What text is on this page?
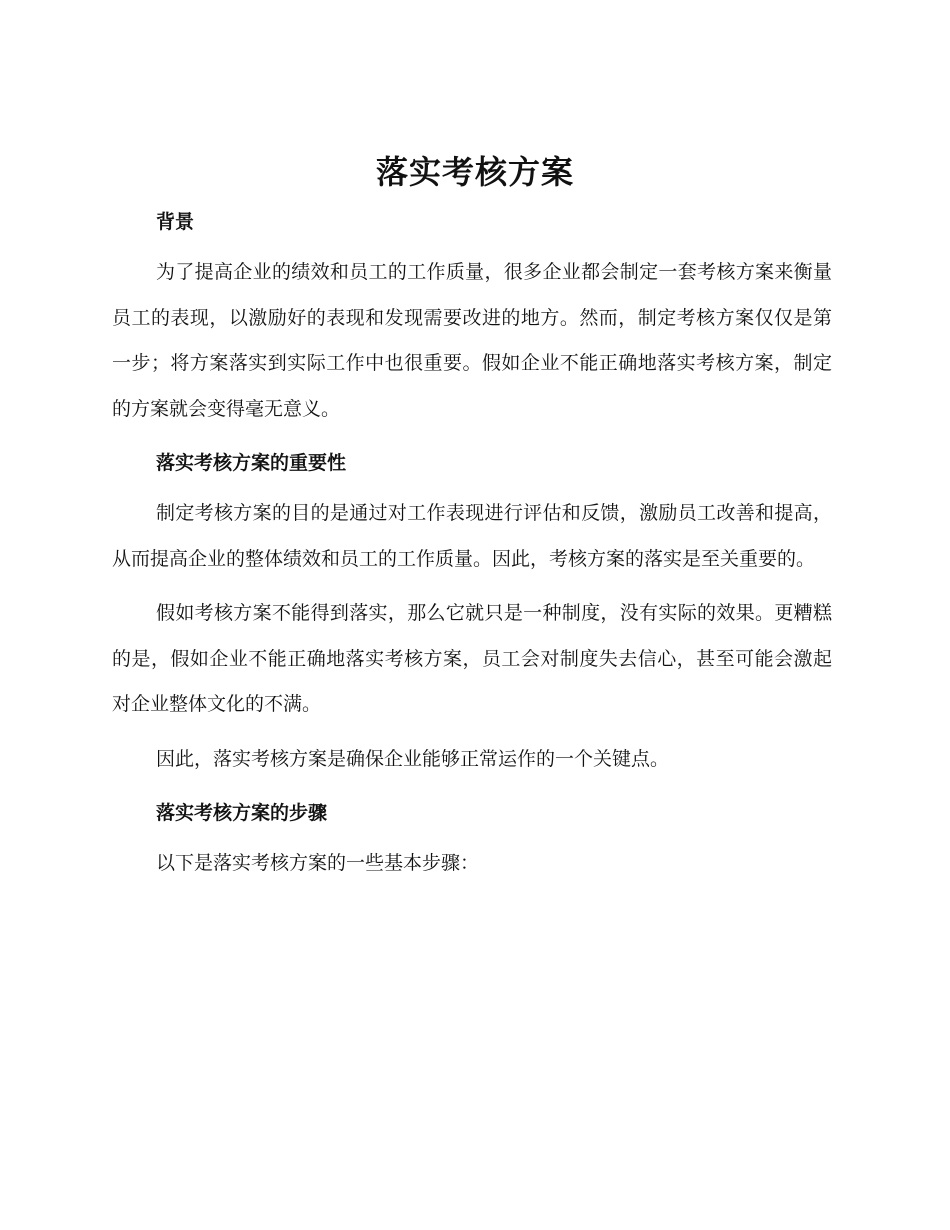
落实考核方案
背景

为了提高企业的绩效和员工的工作质量，很多企业都会制定一套考核方案来衡量员工的表现，以激励好的表现和发现需要改进的地方。然而，制定考核方案仅仅是第一步；将方案落实到实际工作中也很重要。假如企业不能正确地落实考核方案，制定的方案就会变得毫无意义。

落实考核方案的重要性

制定考核方案的目的是通过对工作表现进行评估和反馈，激励员工改善和提高，从而提高企业的整体绩效和员工的工作质量。因此，考核方案的落实是至关重要的。

假如考核方案不能得到落实，那么它就只是一种制度，没有实际的效果。更糟糕的是，假如企业不能正确地落实考核方案，员工会对制度失去信心，甚至可能会激起对企业整体文化的不满。

因此，落实考核方案是确保企业能够正常运作的一个关键点。

落实考核方案的步骤

以下是落实考核方案的一些基本步骤：
